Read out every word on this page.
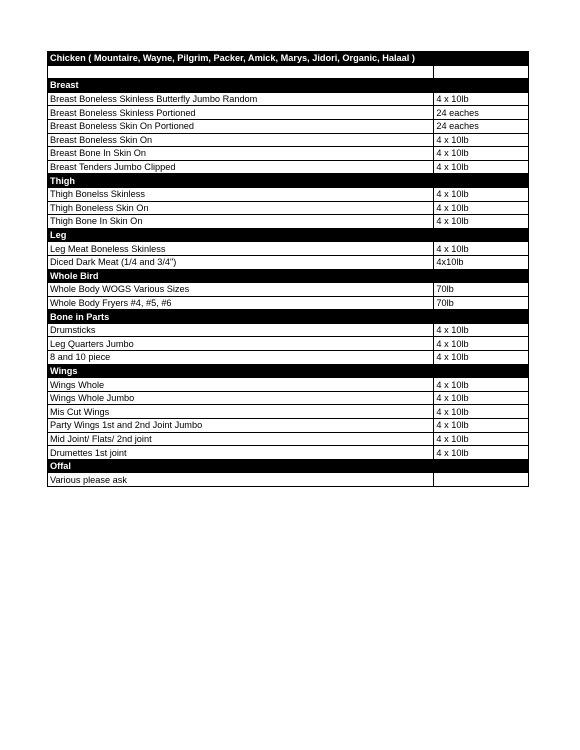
Chicken ( Mountaire, Wayne, Pilgrim, Packer, Amick, Marys, Jidori, Organic, Halaal )	

Breast	
Breast Boneless Skinless Butterfly Jumbo Random	4 x 10lb
Breast Boneless Skinless Portioned	24 eaches
Breast Boneless Skin On Portioned	24 eaches
Breast Boneless Skin On	4 x 10lb
Breast Bone In Skin On	4 x 10lb
Breast Tenders Jumbo Clipped	4 x 10lb
Thigh	
Thigh Bonelss Skinless	4 x 10lb
Thigh Boneless Skin On	4 x 10lb
Thigh Bone In Skin On	4 x 10lb
Leg	
Leg Meat Boneless Skinless	4 x 10lb
Diced Dark Meat (1/4 and 3/4")	4x10lb
Whole Bird	
Whole Body WOGS Various Sizes	70lb
Whole Body Fryers #4, #5, #6	70lb
Bone in Parts	
Drumsticks	4 x 10lb
Leg Quarters Jumbo	4 x 10lb
8 and 10 piece	4 x 10lb
Wings	
Wings Whole	4 x 10lb
Wings Whole Jumbo	4 x 10lb
Mis Cut Wings	4 x 10lb
Party Wings 1st and 2nd Joint Jumbo	4 x 10lb
Mid Joint/ Flats/ 2nd joint	4 x 10lb
Drumettes 1st joint	4 x 10lb
Offal	
Various please ask	
